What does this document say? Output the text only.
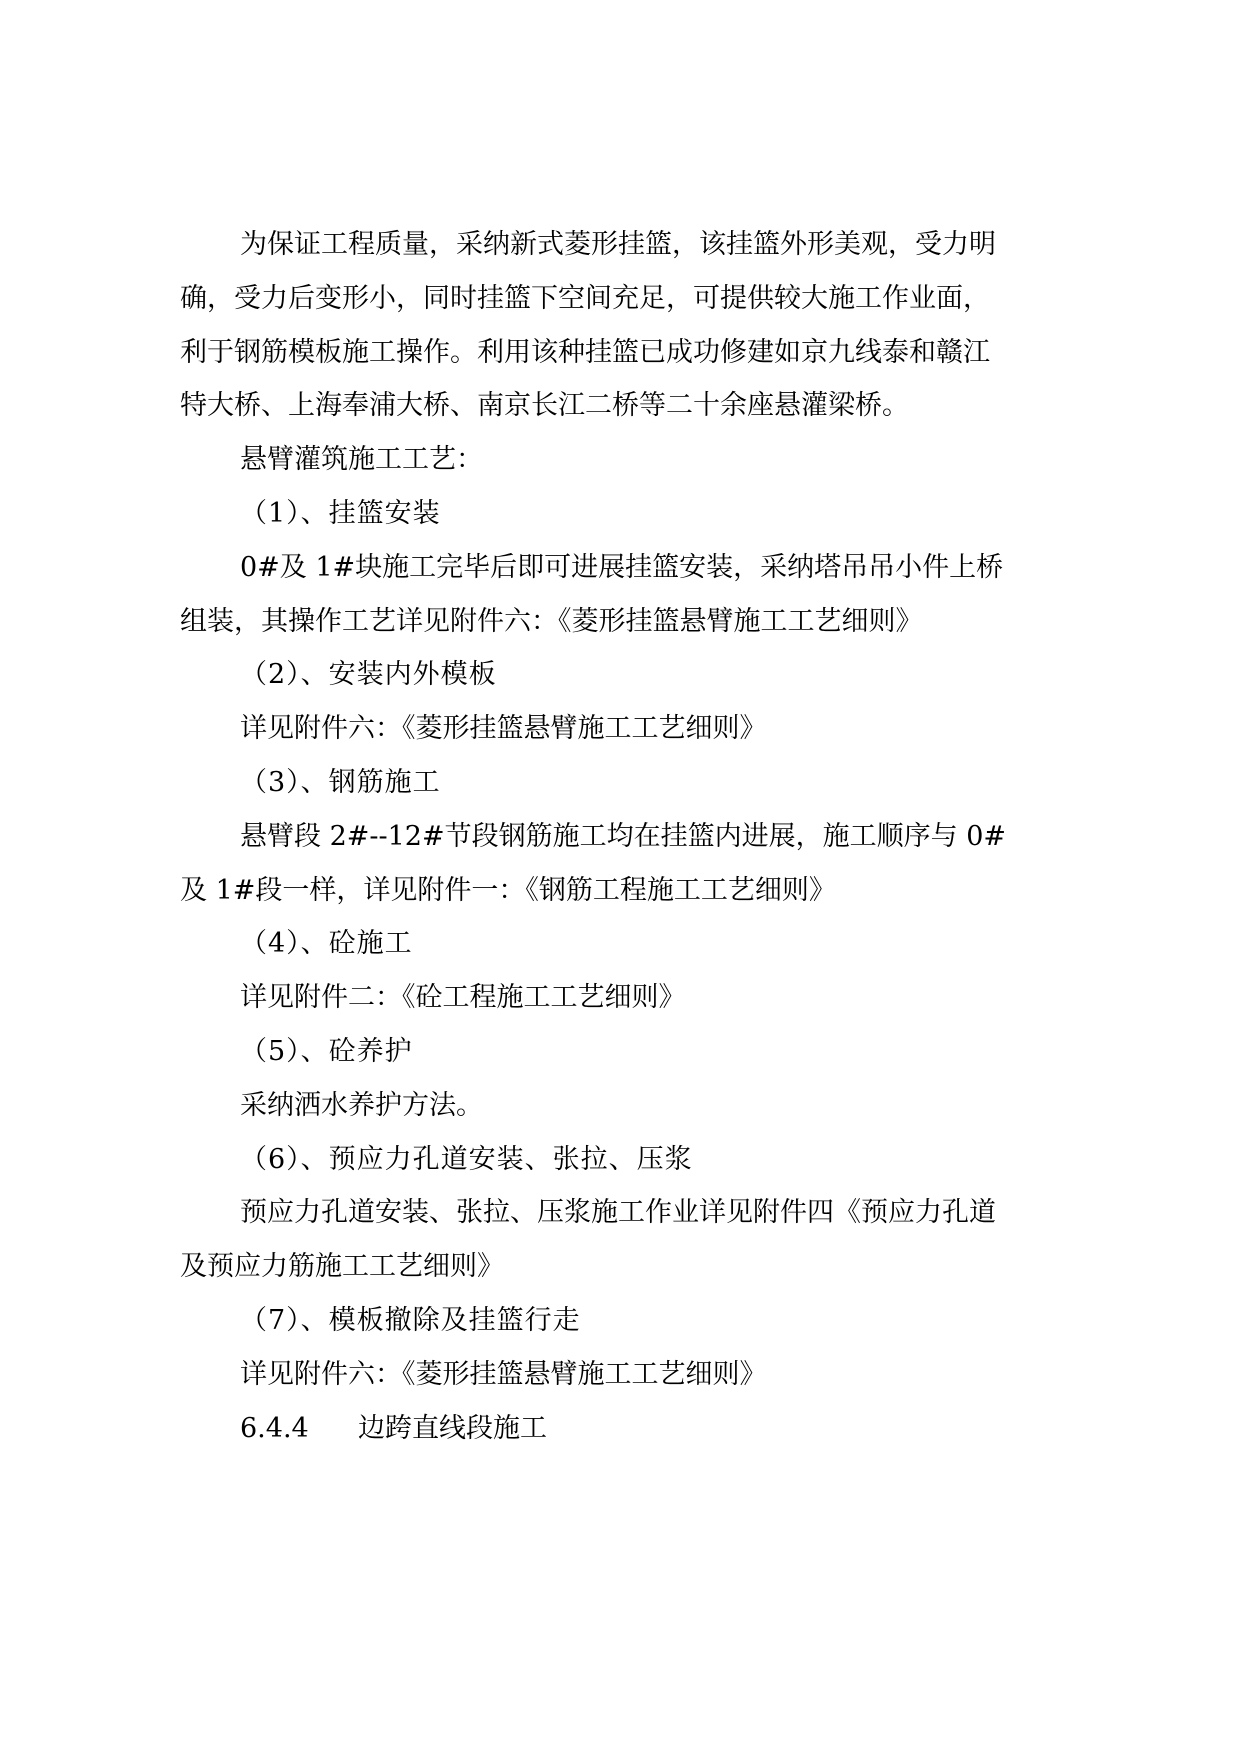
为保证工程质量，采纳新式菱形挂篮，该挂篮外形美观，受力明
确，受力后变形小，同时挂篮下空间充足，可提供较大施工作业面，
利于钢筋模板施工操作。利用该种挂篮已成功修建如京九线泰和赣江
特大桥、上海奉浦大桥、南京长江二桥等二十余座悬灌梁桥。
悬臂灌筑施工工艺：
（1）、挂篮安装
0#及 1#块施工完毕后即可进展挂篮安装，采纳塔吊吊小件上桥
组装，其操作工艺详见附件六：《菱形挂篮悬臂施工工艺细则》
（2）、安装内外模板
详见附件六：《菱形挂篮悬臂施工工艺细则》
（3）、钢筋施工
悬臂段 2#--12#节段钢筋施工均在挂篮内进展，施工顺序与 0#
及 1#段一样，详见附件一：《钢筋工程施工工艺细则》
（4）、砼施工
详见附件二：《砼工程施工工艺细则》
（5）、砼养护
采纳洒水养护方法。
（6）、预应力孔道安装、张拉、压浆
预应力孔道安装、张拉、压浆施工作业详见附件四《预应力孔道
及预应力筋施工工艺细则》
（7）、模板撤除及挂篮行走
详见附件六：《菱形挂篮悬臂施工工艺细则》
6.4.4 边跨直线段施工
